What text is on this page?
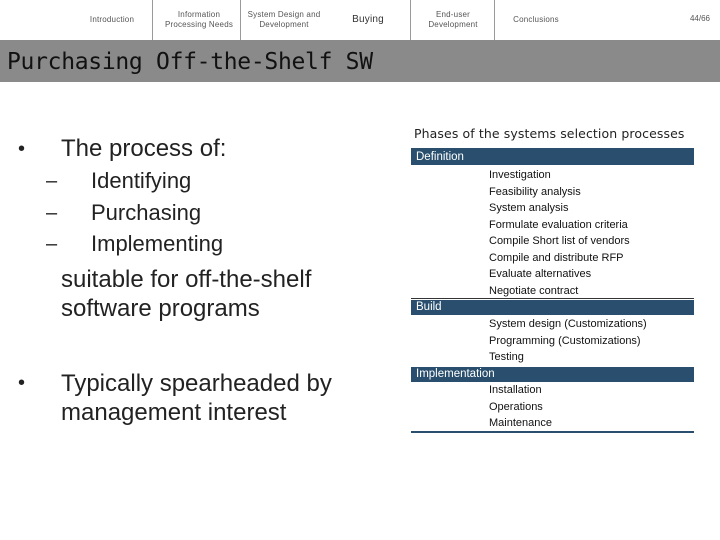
Introduction
Information Processing Needs
System Design and Development	Buying	End-user Development
Conclusions	44/66
Purchasing Off-the-Shelf SW
• The process of:
– Identifying
– Purchasing
– Implementing
suitable for off-the-shelf
software programs
• Typically spearheaded by
management interest
Phases of the systems selection processes
Definition
Investigation
Feasibility analysis
System analysis
Formulate evaluation criteria
Compile Short list of vendors
Compile and distribute RFP
Evaluate alternatives
Negotiate contract
Build
System design (Customizations)
Programming (Customizations)
Testing
Implementation
Installation
Operations
Maintenance
